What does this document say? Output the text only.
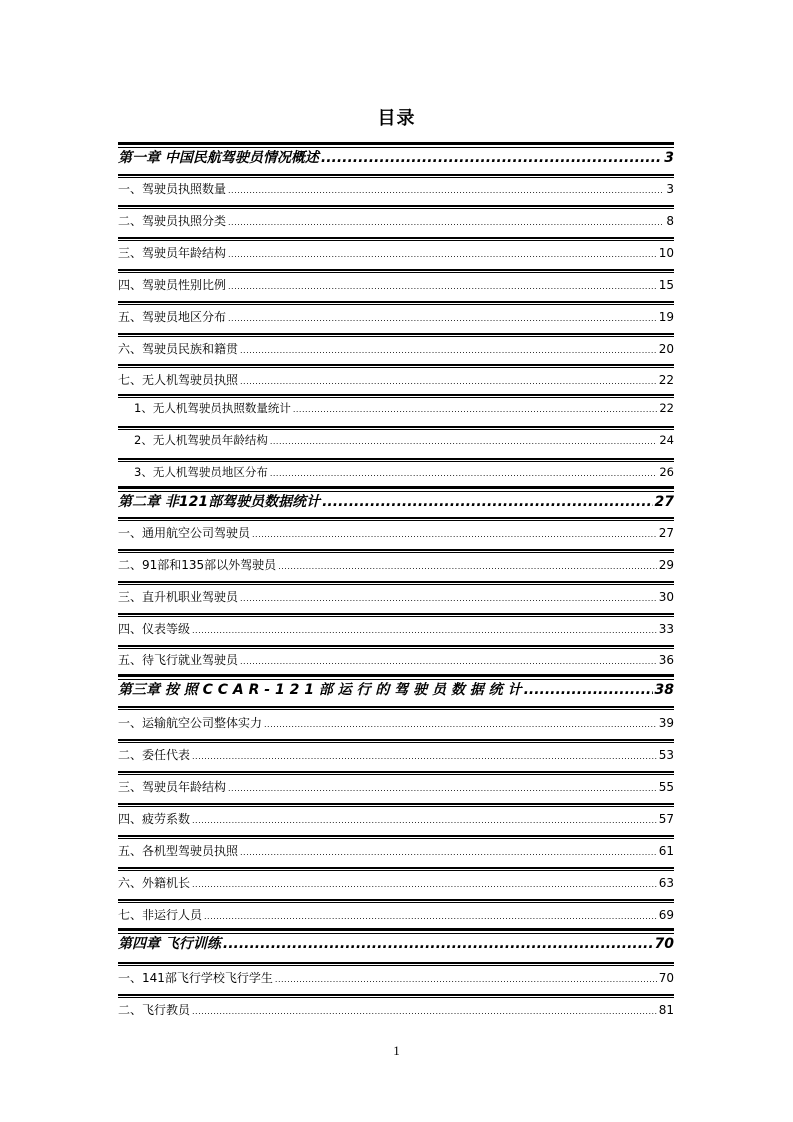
目录
第一章 中国民航驾驶员情况概述 .....	3
一、驾驶员执照数量 .....	3
二、驾驶员执照分类 .....	8
三、驾驶员年龄结构 .....	10
四、驾驶员性别比例 .....	15
五、驾驶员地区分布 .....	19
六、驾驶员民族和籍贯 .....	20
七、无人机驾驶员执照 .....	22
1、无人机驾驶员执照数量统计 .....	22
2、无人机驾驶员年龄结构 .....	24
3、无人机驾驶员地区分布 .....	26
第二章 非121部驾驶员数据统计 .....	27
一、通用航空公司驾驶员 .....	27
二、91部和135部以外驾驶员 .....	29
三、直升机职业驾驶员 .....	30
四、仪表等级 .....	33
五、待飞行就业驾驶员 .....	36
第三章 按 照 C C A R - 1 2 1 部 运 行 的 驾 驶 员 数 据 统 计 .....	38
一、运输航空公司整体实力 .....	39
二、委任代表 .....	53
三、驾驶员年龄结构 .....	55
四、疲劳系数 .....	57
五、各机型驾驶员执照 .....	61
六、外籍机长 .....	63
七、非运行人员 .....	69
第四章 飞行训练 .....	70
一、141部飞行学校飞行学生 .....	70
二、飞行教员 .....	81
1
